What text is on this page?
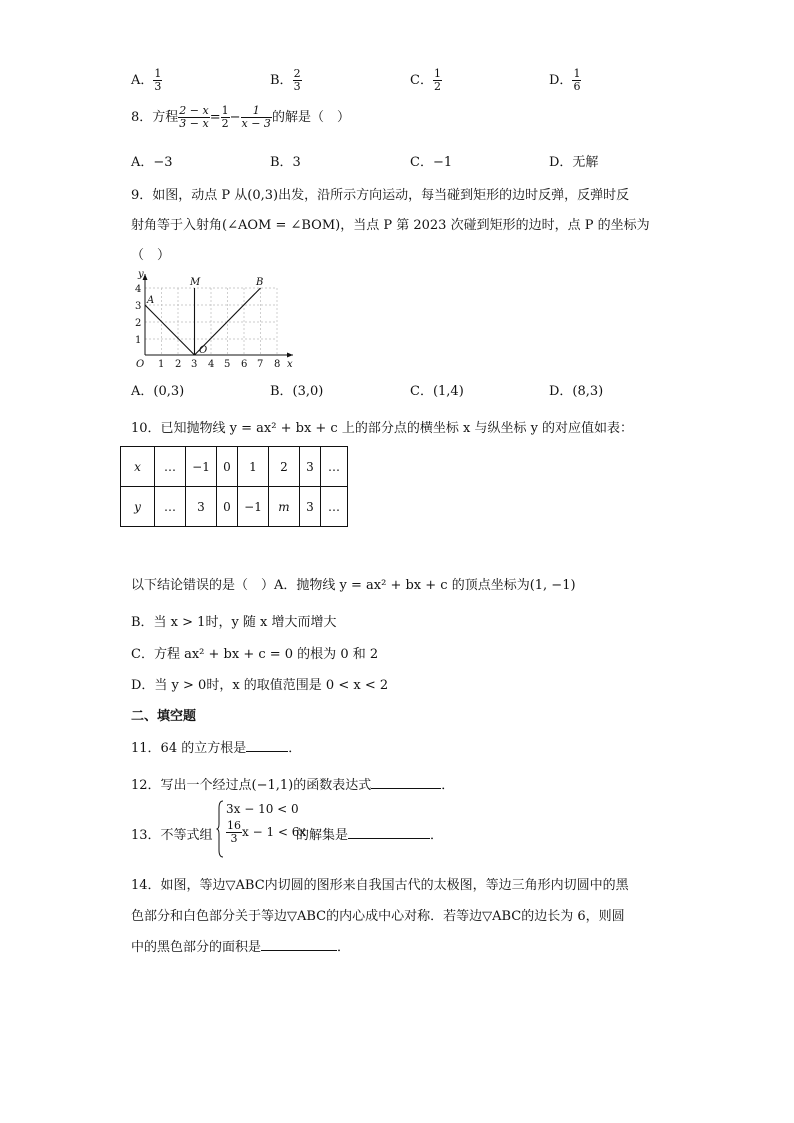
A． $\frac{1}{3}$	B． $\frac{2}{3}$	C． $\frac{1}{2}$	D． $\frac{1}{6}$
8．方程 $\frac{2 - x}{3 - x} = \frac{1}{2} - \frac{1}{x - 3}$ 的解是（　）
A．−3	B．3	C．−1	D．无解
9．如图，动点 P 从(0,3)出发，沿所示方向运动，每当碰到矩形的边时反弹，反弹时反
射角等于入射角(∠AOM = ∠BOM)，当点 P 第 2023 次碰到矩形的边时，点 P 的坐标为
（　）
y
x
O 1 2 3 4 5 6 7 8
1
2
3
4
A
M	B
O
A．(0,3)	B．(3,0)	C．(1,4)	D．(8,3)
10．已知抛物线 y = ax² + bx + c 上的部分点的横坐标 x 与纵坐标 y 的对应值如表：
x	…	−1	0	1	2	3	…
y	…	3	0	−1	m	3	…
以下结论错误的是（　）A．抛物线 y = ax² + bx + c 的顶点坐标为(1, −1)
B．当 x > 1时，y 随 x 增大而增大
C．方程 ax² + bx + c = 0 的根为 0 和 2
D．当 y > 0时，x 的取值范围是 0 < x < 2
二、填空题
11．64 的立方根是	．
12．写出一个经过点(−1,1)的函数表达式	．
13．不等式组
3x − 10 < 0
$\frac{16}{3}$ x − 1 < 6x
的解集是	．
14．如图，等边▽ABC内切圆的图形来自我国古代的太极图，等边三角形内切圆中的黑
色部分和白色部分关于等边▽ABC的内心成中心对称．若等边▽ABC的边长为 6，则圆
中的黑色部分的面积是	．
